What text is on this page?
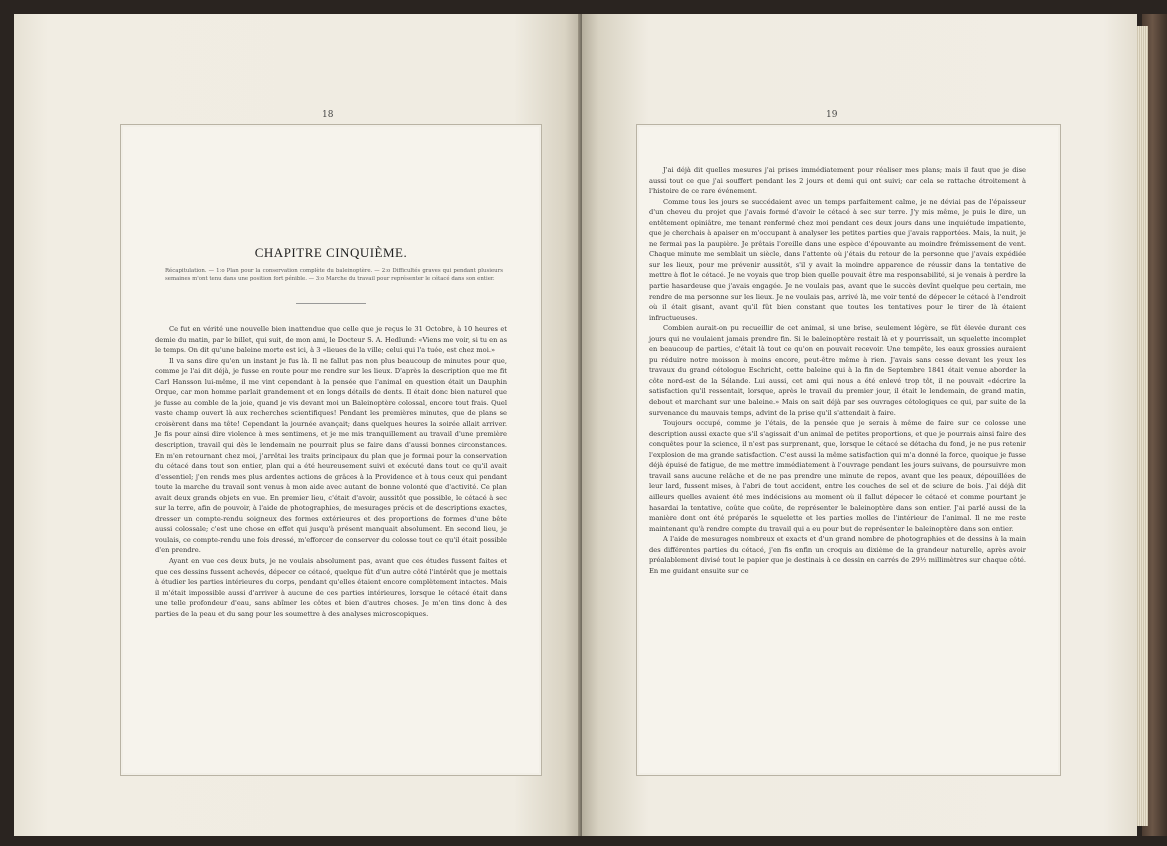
18
CHAPITRE CINQUIÈME.
Récapitulation. — 1:o Plan pour la conservation complète du baleinoptère. — 2:o Difficultés graves qui pendant plusieurs semaines m'ont tenu dans une position fort pénible. — 3:o Marche du travail pour représenter le cétacé dans son entier.

Ce fut en vérité une nouvelle bien inattendue que celle que je reçus le 31 Octobre, à 10 heures et demie du matin, par le billet, qui suit, de mon ami, le Docteur S. A. Hedlund: «Viens me voir, si tu en as le temps. On dit qu'une baleine morte est ici, à 3 «lieues de la ville; celui qui l'a tuée, est chez moi.»

Il va sans dire qu'en un instant je fus là. Il ne fallut pas non plus beaucoup de minutes pour que, comme je l'ai dit déjà, je fusse en route pour me rendre sur les lieux. D'après la description que me fit Carl Hansson lui-même, il me vint cependant à la pensée que l'animal en question était un Dauphin Orque, car mon homme parlait grandement et en longs détails de dents. Il était donc bien naturel que je fusse au comble de la joie, quand je vis devant moi un Baleinoptère colossal, encore tout frais. Quel vaste champ ouvert là aux recherches scientifiques! Pendant les premières minutes, que de plans se croisèrent dans ma tête! Cependant la journée avançait; dans quelques heures la soirée allait arriver. Je fis pour ainsi dire violence à mes sentimens, et je me mis tranquillement au travail d'une première description, travail qui dès le lendemain ne pourrait plus se faire dans d'aussi bonnes circonstances. En m'en retournant chez moi, j'arrêtai les traits principaux du plan que je formai pour la conservation du cétacé dans tout son entier, plan qui a été heureusement suivi et exécuté dans tout ce qu'il avait d'essentiel; j'en rends mes plus ardentes actions de grâces à la Providence et à tous ceux qui pendant toute la marche du travail sont venus à mon aide avec autant de bonne volonté que d'activité. Ce plan avait deux grands objets en vue. En premier lieu, c'était d'avoir, aussitôt que possible, le cétacé à sec sur la terre, afin de pouvoir, à l'aide de photographies, de mesurages précis et de descriptions exactes, dresser un compte-rendu soigneux des formes extérieures et des proportions de formes d'une bête aussi colossale; c'est une chose en effet qui jusqu'à présent manquait absolument. En second lieu, je voulais, ce compte-rendu une fois dressé, m'efforcer de conserver du colosse tout ce qu'il était possible d'en prendre.

Ayant en vue ces deux buts, je ne voulais absolument pas, avant que ces études fussent faites et que ces dessins fussent achevés, dépecer ce cétacé, quelque fût d'un autre côté l'intérêt que je mettais à étudier les parties intérieures du corps, pendant qu'elles étaient encore complètement intactes. Mais il m'était impossible aussi d'arriver à aucune de ces parties intérieures, lorsque le cétacé était dans une telle profondeur d'eau, sans abîmer les côtes et bien d'autres choses. Je m'en tins donc à des parties de la peau et du sang pour les soumettre à des analyses microscopiques.

19

J'ai déjà dit quelles mesures j'ai prises immédiatement pour réaliser mes plans; mais il faut que je dise aussi tout ce que j'ai souffert pendant les 2 jours et demi qui ont suivi; car cela se rattache étroitement à l'histoire de ce rare événement.

Comme tous les jours se succédaient avec un temps parfaitement calme, je ne déviai pas de l'épaisseur d'un cheveu du projet que j'avais formé d'avoir le cétacé à sec sur terre. J'y mis même, je puis le dire, un entêtement opiniâtre, me tenant renfermé chez moi pendant ces deux jours dans une inquiétude impatiente, que je cherchais à apaiser en m'occupant à analyser les petites parties que j'avais rapportées. Mais, la nuit, je ne fermai pas la paupière. Je prêtais l'oreille dans une espèce d'épouvante au moindre frémissement de vent. Chaque minute me semblait un siècle, dans l'attente où j'étais du retour de la personne que j'avais expédiée sur les lieux, pour me prévenir aussitôt, s'il y avait la moindre apparence de réussir dans la tentative de mettre à flot le cétacé. Je ne voyais que trop bien quelle pouvait être ma responsabilité, si je venais à perdre la partie hasardeuse que j'avais engagée. Je ne voulais pas, avant que le succès devînt quelque peu certain, me rendre de ma personne sur les lieux. Je ne voulais pas, arrivé là, me voir tenté de dépecer le cétacé à l'endroit où il était gisant, avant qu'il fût bien constant que toutes les tentatives pour le tirer de là étaient infructueuses.

Combien aurait-on pu recueillir de cet animal, si une brise, seulement légère, se fût élevée durant ces jours qui ne voulaient jamais prendre fin. Si le baleinoptère restait là et y pourrissait, un squelette incomplet en beaucoup de parties, c'était là tout ce qu'on en pouvait recevoir. Une tempête, les eaux grossies auraient pu réduire notre moisson à moins encore, peut-être même à rien. J'avais sans cesse devant les yeux les travaux du grand cétologue Eschricht, cette baleine qui à la fin de Septembre 1841 était venue aborder la côte nord-est de la Sélande. Lui aussi, cet ami qui nous a été enlevé trop tôt, il ne pouvait «décrire la satisfaction qu'il ressentait, lorsque, après le travail du premier jour, il était le lendemain, de grand matin, debout et marchant sur une baleine.» Mais on sait déjà par ses ouvrages cétologiques ce qui, par suite de la survenance du mauvais temps, advint de la prise qu'il s'attendait à faire.

Toujours occupé, comme je l'étais, de la pensée que je serais à même de faire sur ce colosse une description aussi exacte que s'il s'agissait d'un animal de petites proportions, et que je pourrais ainsi faire des conquêtes pour la science, il n'est pas surprenant, que, lorsque le cétacé se détacha du fond, je ne pus retenir l'explosion de ma grande satisfaction. C'est aussi la même satisfaction qui m'a donné la force, quoique je fusse déjà épuisé de fatigue, de me mettre immédiatement à l'ouvrage pendant les jours suivans, de poursuivre mon travail sans aucune relâche et de ne pas prendre une minute de repos, avant que les peaux, dépouillées de leur lard, fussent mises, à l'abri de tout accident, entre les couches de sel et de sciure de bois. J'ai déjà dit ailleurs quelles avaient été mes indécisions au moment où il fallut dépecer le cétacé et comme pourtant je hasardai la tentative, coûte que coûte, de représenter le baleinoptère dans son entier. J'ai parlé aussi de la manière dont ont été préparés le squelette et les parties molles de l'intérieur de l'animal. Il ne me reste maintenant qu'à rendre compte du travail qui a eu pour but de représenter le baleinoptère dans son entier.

A l'aide de mesurages nombreux et exacts et d'un grand nombre de photographies et de dessins à la main des différentes parties du cétacé, j'en fis enfin un croquis au dixième de la grandeur naturelle, après avoir préalablement divisé tout le papier que je destinais à ce dessin en carrés de 29½ millimètres sur chaque côté. En me guidant ensuite sur ce
